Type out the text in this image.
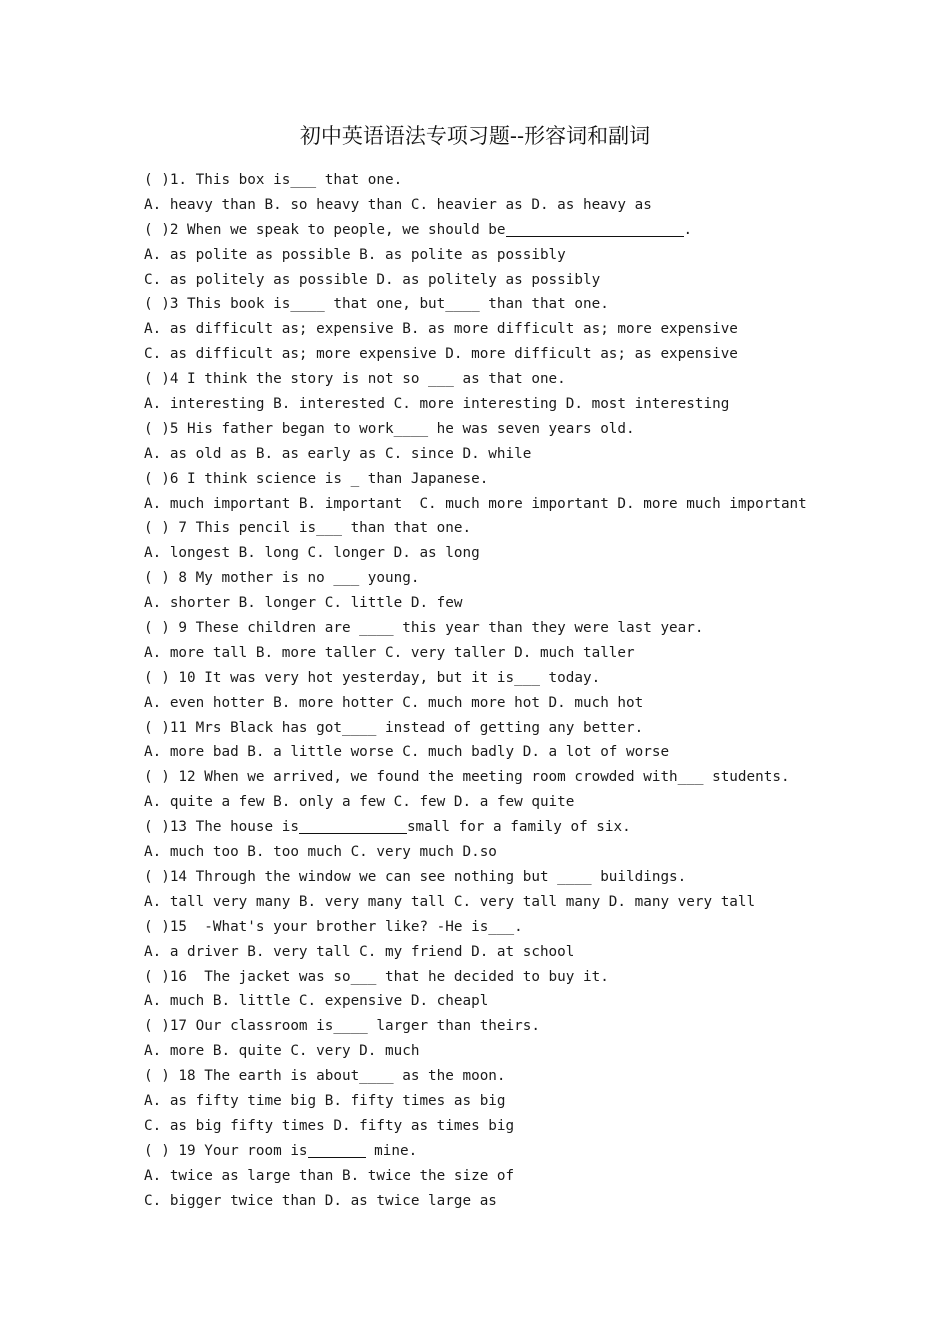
初中英语语法专项习题--形容词和副词
( )1. This box is___ that one.
A. heavy than B. so heavy than C. heavier as D. as heavy as
( )2 When we speak to people, we should be	.
A. as polite as possible B. as polite as possibly
C. as politely as possible D. as politely as possibly
( )3 This book is____ that one, but____ than that one.
A. as difficult as; expensive B. as more difficult as; more expensive
C. as difficult as; more expensive D. more difficult as; as expensive
( )4 I think the story is not so ___ as that one.
A. interesting B. interested C. more interesting D. most interesting
( )5 His father began to work____ he was seven years old.
A. as old as B. as early as C. since D. while
( )6 I think science is _ than Japanese.
A. much important B. important  C. much more important D. more much important
( ) 7 This pencil is___ than that one.
A. longest B. long C. longer D. as long
( ) 8 My mother is no ___ young.
A. shorter B. longer C. little D. few
( ) 9 These children are ____ this year than they were last year.
A. more tall B. more taller C. very taller D. much taller
( ) 10 It was very hot yesterday, but it is___ today.
A. even hotter B. more hotter C. much more hot D. much hot
( )11 Mrs Black has got____ instead of getting any better.
A. more bad B. a little worse C. much badly D. a lot of worse
( ) 12 When we arrived, we found the meeting room crowded with___ students.
A. quite a few B. only a few C. few D. a few quite
( )13 The house is	small for a family of six.
A. much too B. too much C. very much D.so
( )14 Through the window we can see nothing but ____ buildings.
A. tall very many B. very many tall C. very tall many D. many very tall
( )15  -What's your brother like? -He is___.
A. a driver B. very tall C. my friend D. at school
( )16  The jacket was so___ that he decided to buy it.
A. much B. little C. expensive D. cheapl
( )17 Our classroom is____ larger than theirs.
A. more B. quite C. very D. much
( ) 18 The earth is about____ as the moon.
A. as fifty time big B. fifty times as big
C. as big fifty times D. fifty as times big
( ) 19 Your room is	mine.
A. twice as large than B. twice the size of
C. bigger twice than D. as twice large as
